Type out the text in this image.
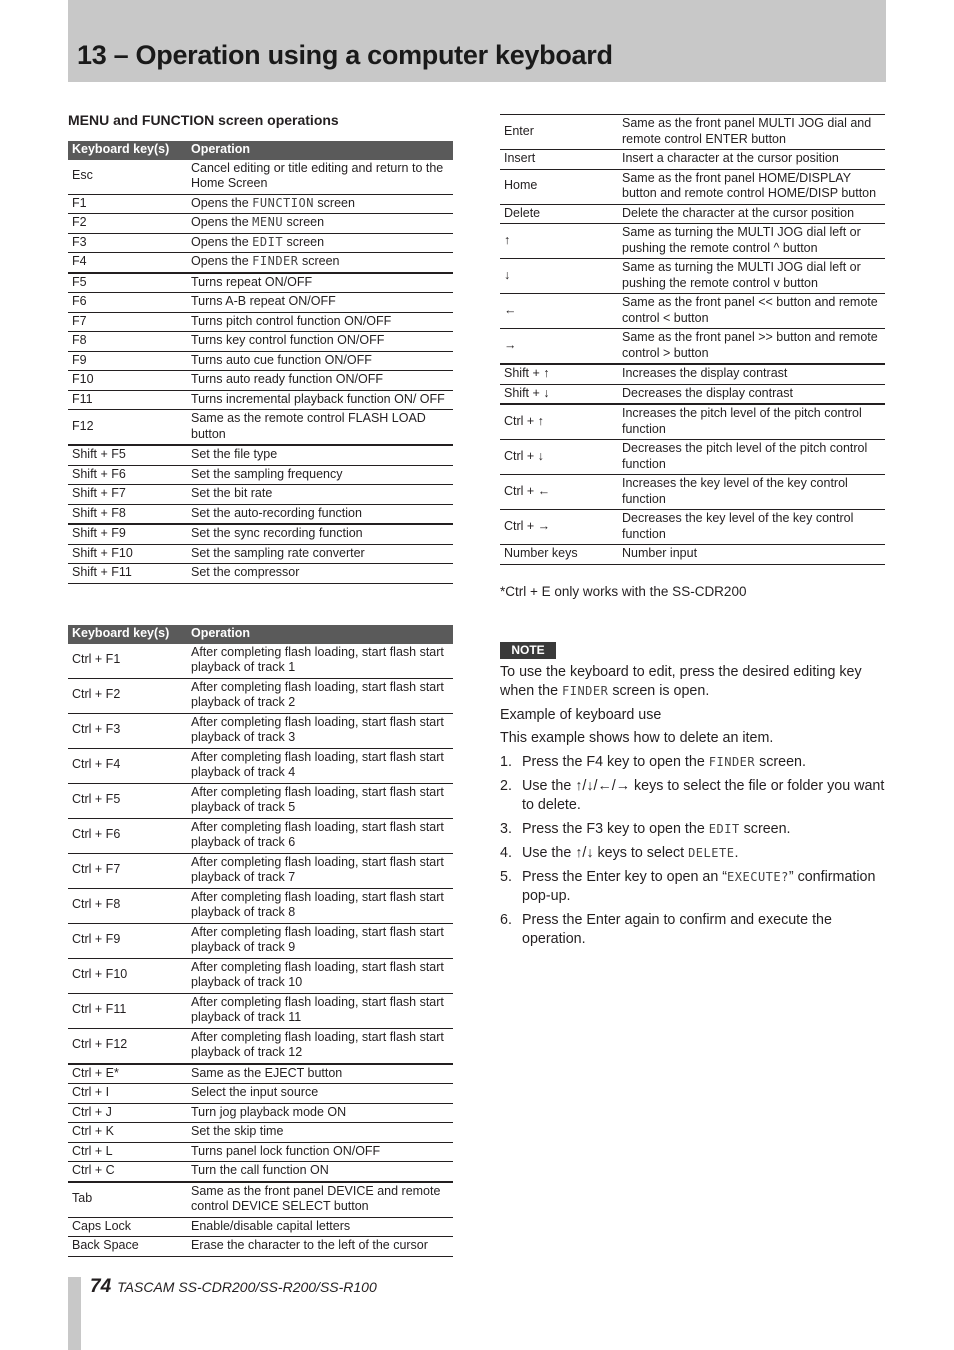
13 – Operation using a computer keyboard
MENU and FUNCTION screen operations
Keyboard key(s)	Operation
Esc	Cancel editing or title editing and return to the Home Screen
F1	Opens the FUNCTION screen
F2	Opens the MENU screen
F3	Opens the EDIT screen
F4	Opens the FINDER screen
F5	Turns repeat ON/OFF
F6	Turns A-B repeat ON/OFF
F7	Turns pitch control function ON/OFF
F8	Turns key control function ON/OFF
F9	Turns auto cue function ON/OFF
F10	Turns auto ready function ON/OFF
F11	Turns incremental playback function ON/ OFF
F12	Same as the remote control FLASH LOAD button
Shift + F5	Set the file type
Shift + F6	Set the sampling frequency
Shift + F7	Set the bit rate
Shift + F8	Set the auto-recording function
Shift + F9	Set the sync recording function
Shift + F10	Set the sampling rate converter
Shift + F11	Set the compressor
Keyboard key(s)	Operation
Ctrl + F1	After completing flash loading, start flash start playback of track 1
Ctrl + F2	After completing flash loading, start flash start playback of track 2
Ctrl + F3	After completing flash loading, start flash start playback of track 3
Ctrl + F4	After completing flash loading, start flash start playback of track 4
Ctrl + F5	After completing flash loading, start flash start playback of track 5
Ctrl + F6	After completing flash loading, start flash start playback of track 6
Ctrl + F7	After completing flash loading, start flash start playback of track 7
Ctrl + F8	After completing flash loading, start flash start playback of track 8
Ctrl + F9	After completing flash loading, start flash start playback of track 9
Ctrl + F10	After completing flash loading, start flash start playback of track 10
Ctrl + F11	After completing flash loading, start flash start playback of track 11
Ctrl + F12	After completing flash loading, start flash start playback of track 12
Ctrl + E*	Same as the EJECT button
Ctrl + I	Select the input source
Ctrl + J	Turn jog playback mode ON
Ctrl + K	Set the skip time
Ctrl + L	Turns panel lock function ON/OFF
Ctrl + C	Turn the call function ON
Tab	Same as the front panel DEVICE and remote control DEVICE SELECT button
Caps Lock	Enable/disable capital letters
Back Space	Erase the character to the left of the cursor
Enter	Same as the front panel MULTI JOG dial and remote control ENTER button
Insert	Insert a character at the cursor position
Home	Same as the front panel HOME/DISPLAY button and remote control HOME/DISP button
Delete	Delete the character at the cursor position
↑	Same as turning the MULTI JOG dial left or pushing the remote control ^ button
↓	Same as turning the MULTI JOG dial left or pushing the remote control v button
←	Same as the front panel << button and remote control < button
→	Same as the front panel >> button and remote control > button
Shift + ↑	Increases the display contrast
Shift + ↓	Decreases the display contrast
Ctrl + ↑	Increases the pitch level of the pitch control function
Ctrl + ↓	Decreases the pitch level of the pitch control function
Ctrl + ←	Increases the key level of the key control function
Ctrl + →	Decreases the key level of the key control function
Number keys	Number input
*Ctrl + E only works with the SS-CDR200
NOTE
To use the keyboard to edit, press the desired editing key when the FINDER screen is open.
Example of keyboard use
This example shows how to delete an item.
1. Press the F4 key to open the FINDER screen.
2. Use the ↑/↓/←/→ keys to select the file or folder you want to delete.
3. Press the F3 key to open the EDIT screen.
4. Use the ↑/↓ keys to select DELETE.
5. Press the Enter key to open an “EXECUTE?” confirmation pop-up.
6. Press the Enter again to confirm and execute the operation.
74 TASCAM SS-CDR200/SS-R200/SS-R100
